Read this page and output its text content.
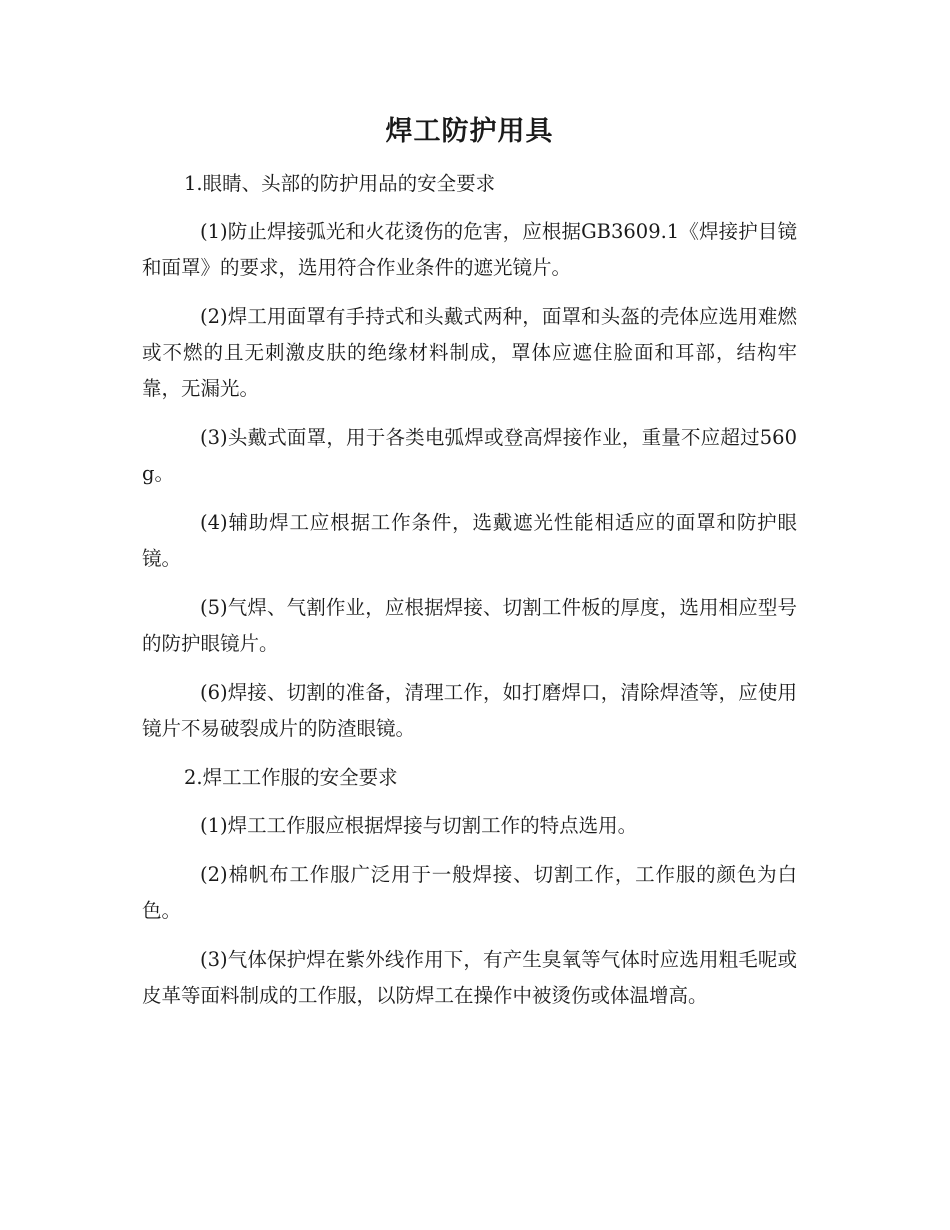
焊工防护用具

1.眼睛、头部的防护用品的安全要求

(1)防止焊接弧光和火花烫伤的危害，应根据GB3609.1《焊接护目镜和面罩》的要求，选用符合作业条件的遮光镜片。

(2)焊工用面罩有手持式和头戴式两种，面罩和头盔的壳体应选用难燃或不燃的且无刺激皮肤的绝缘材料制成，罩体应遮住脸面和耳部，结构牢靠，无漏光。

(3)头戴式面罩，用于各类电弧焊或登高焊接作业，重量不应超过560g。

(4)辅助焊工应根据工作条件，选戴遮光性能相适应的面罩和防护眼镜。

(5)气焊、气割作业，应根据焊接、切割工件板的厚度，选用相应型号的防护眼镜片。

(6)焊接、切割的准备，清理工作，如打磨焊口，清除焊渣等，应使用镜片不易破裂成片的防渣眼镜。

2.焊工工作服的安全要求

(1)焊工工作服应根据焊接与切割工作的特点选用。

(2)棉帆布工作服广泛用于一般焊接、切割工作，工作服的颜色为白色。

(3)气体保护焊在紫外线作用下，有产生臭氧等气体时应选用粗毛呢或皮革等面料制成的工作服，以防焊工在操作中被烫伤或体温增高。
